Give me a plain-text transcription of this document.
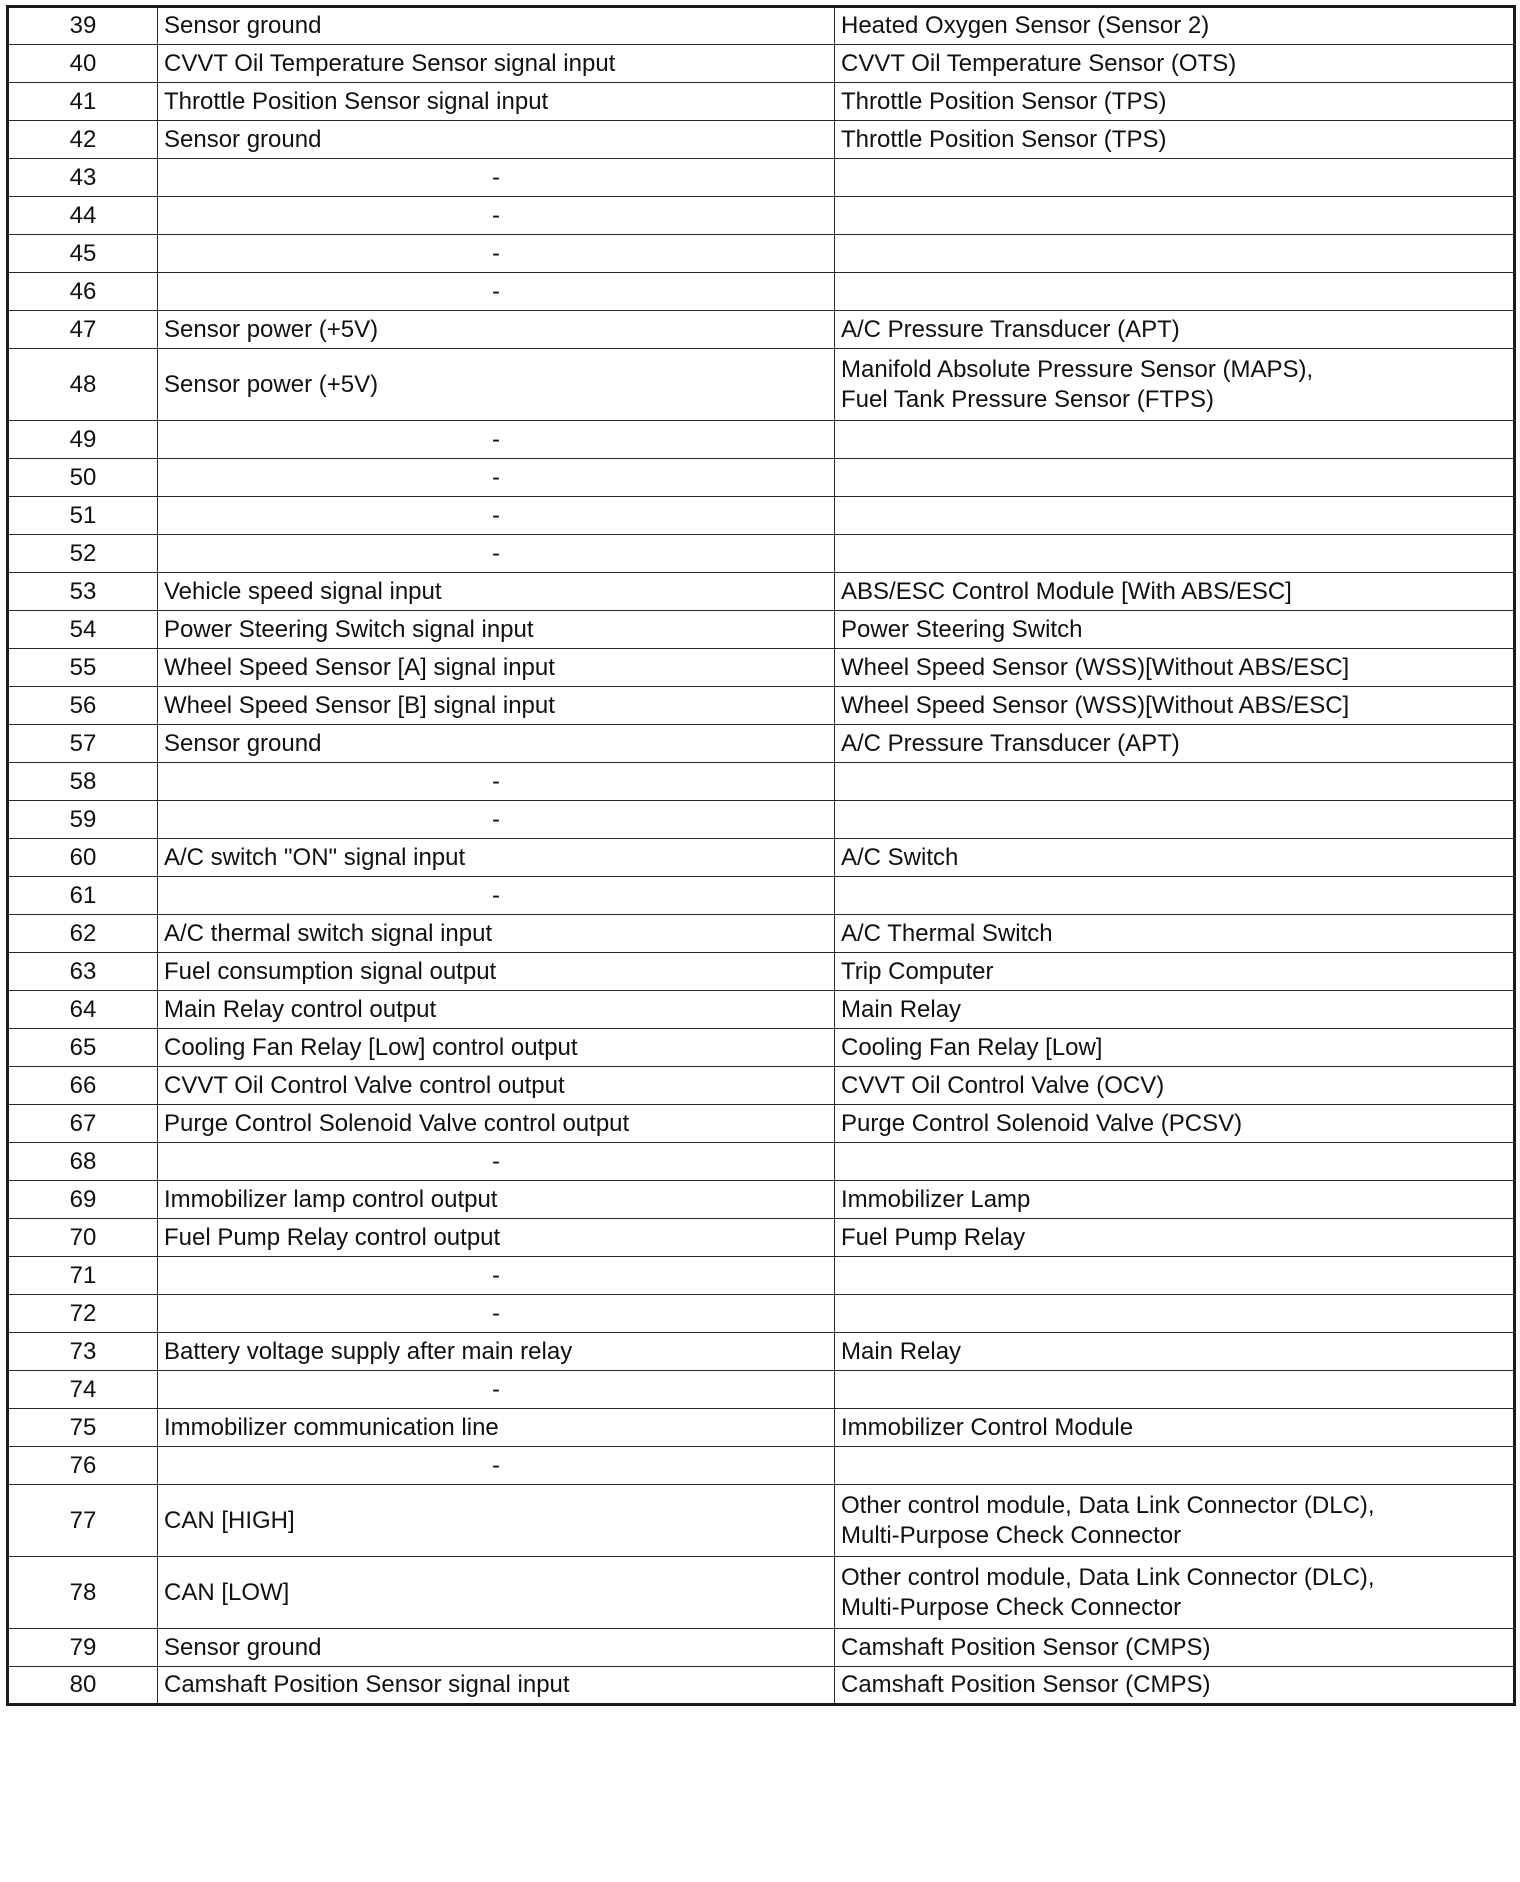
39	Sensor ground	Heated Oxygen Sensor (Sensor 2)

40	CVVT Oil Temperature Sensor signal input	CVVT Oil Temperature Sensor (OTS)

41	Throttle Position Sensor signal input	Throttle Position Sensor (TPS)

42	Sensor ground	Throttle Position Sensor (TPS)

43	-	
44	-	
45	-	
46	-	
47	Sensor power (+5V)	A/C Pressure Transducer (APT)

48	Sensor power (+5V)	Manifold Absolute Pressure Sensor (MAPS),
Fuel Tank Pressure Sensor (FTPS)

49	-	
50	-	
51	-	
52	-	
53	Vehicle speed signal input	ABS/ESC Control Module [With ABS/ESC]

54	Power Steering Switch signal input	Power Steering Switch

55	Wheel Speed Sensor [A] signal input	Wheel Speed Sensor (WSS)[Without ABS/ESC]

56	Wheel Speed Sensor [B] signal input	Wheel Speed Sensor (WSS)[Without ABS/ESC]

57	Sensor ground	A/C Pressure Transducer (APT)

58	-	
59	-	
60	A/C switch "ON" signal input	A/C Switch

61	-	
62	A/C thermal switch signal input	A/C Thermal Switch

63	Fuel consumption signal output	Trip Computer

64	Main Relay control output	Main Relay

65	Cooling Fan Relay [Low] control output	Cooling Fan Relay [Low]

66	CVVT Oil Control Valve control output	CVVT Oil Control Valve (OCV)

67	Purge Control Solenoid Valve control output	Purge Control Solenoid Valve (PCSV)

68	-	
69	Immobilizer lamp control output	Immobilizer Lamp

70	Fuel Pump Relay control output	Fuel Pump Relay

71	-	
72	-	
73	Battery voltage supply after main relay	Main Relay

74	-	
75	Immobilizer communication line	Immobilizer Control Module

76	-	
77	CAN [HIGH]	Other control module, Data Link Connector (DLC),
Multi-Purpose Check Connector

78	CAN [LOW]	Other control module, Data Link Connector (DLC),
Multi-Purpose Check Connector

79	Sensor ground	Camshaft Position Sensor (CMPS)

80	Camshaft Position Sensor signal input	Camshaft Position Sensor (CMPS)
